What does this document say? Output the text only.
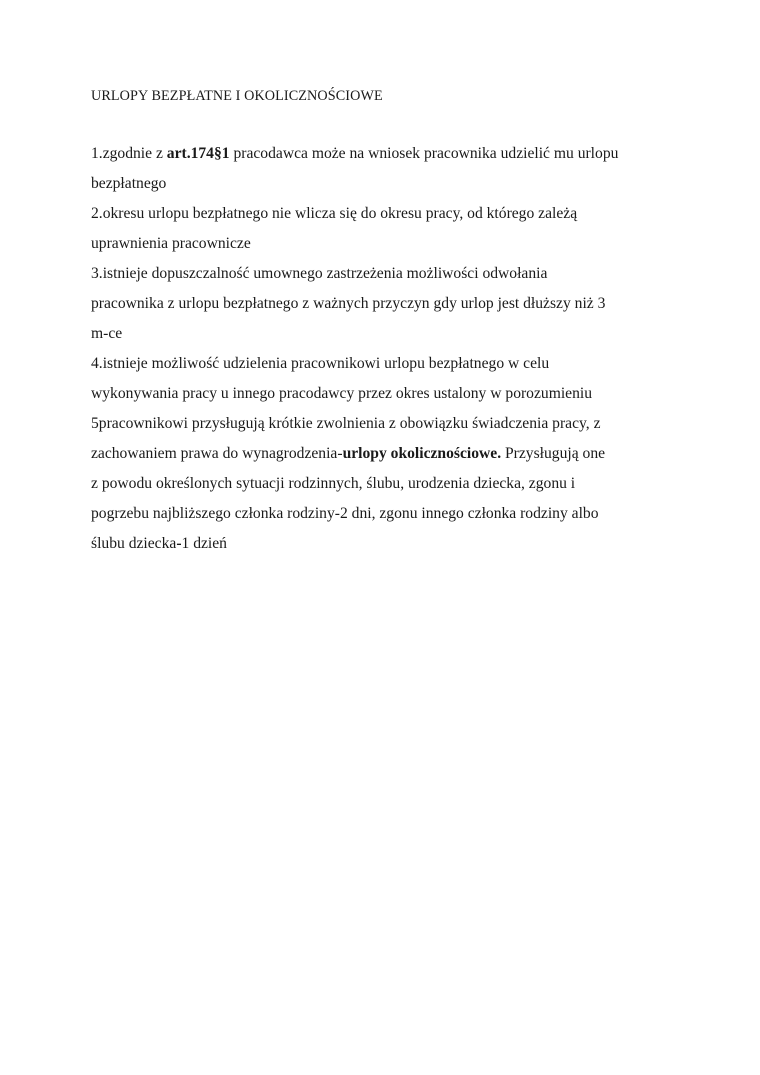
URLOPY BEZPŁATNE I OKOLICZNOŚCIOWE
1.zgodnie z art.174§1 pracodawca może na wniosek pracownika udzielić mu urlopu
bezpłatnego
2.okresu urlopu bezpłatnego nie wlicza się do okresu pracy, od którego zależą
uprawnienia pracownicze
3.istnieje dopuszczalność umownego zastrzeżenia możliwości odwołania
pracownika z urlopu bezpłatnego z ważnych przyczyn gdy urlop jest dłuższy niż 3
m-ce
4.istnieje możliwość udzielenia pracownikowi urlopu bezpłatnego w celu
wykonywania pracy u innego pracodawcy przez okres ustalony w porozumieniu
5pracownikowi przysługują krótkie zwolnienia z obowiązku świadczenia pracy, z
zachowaniem prawa do wynagrodzenia-urlopy okolicznościowe. Przysługują one
z powodu określonych sytuacji rodzinnych, ślubu, urodzenia dziecka, zgonu i
pogrzebu najbliższego członka rodziny-2 dni, zgonu innego członka rodziny albo
ślubu dziecka-1 dzień
